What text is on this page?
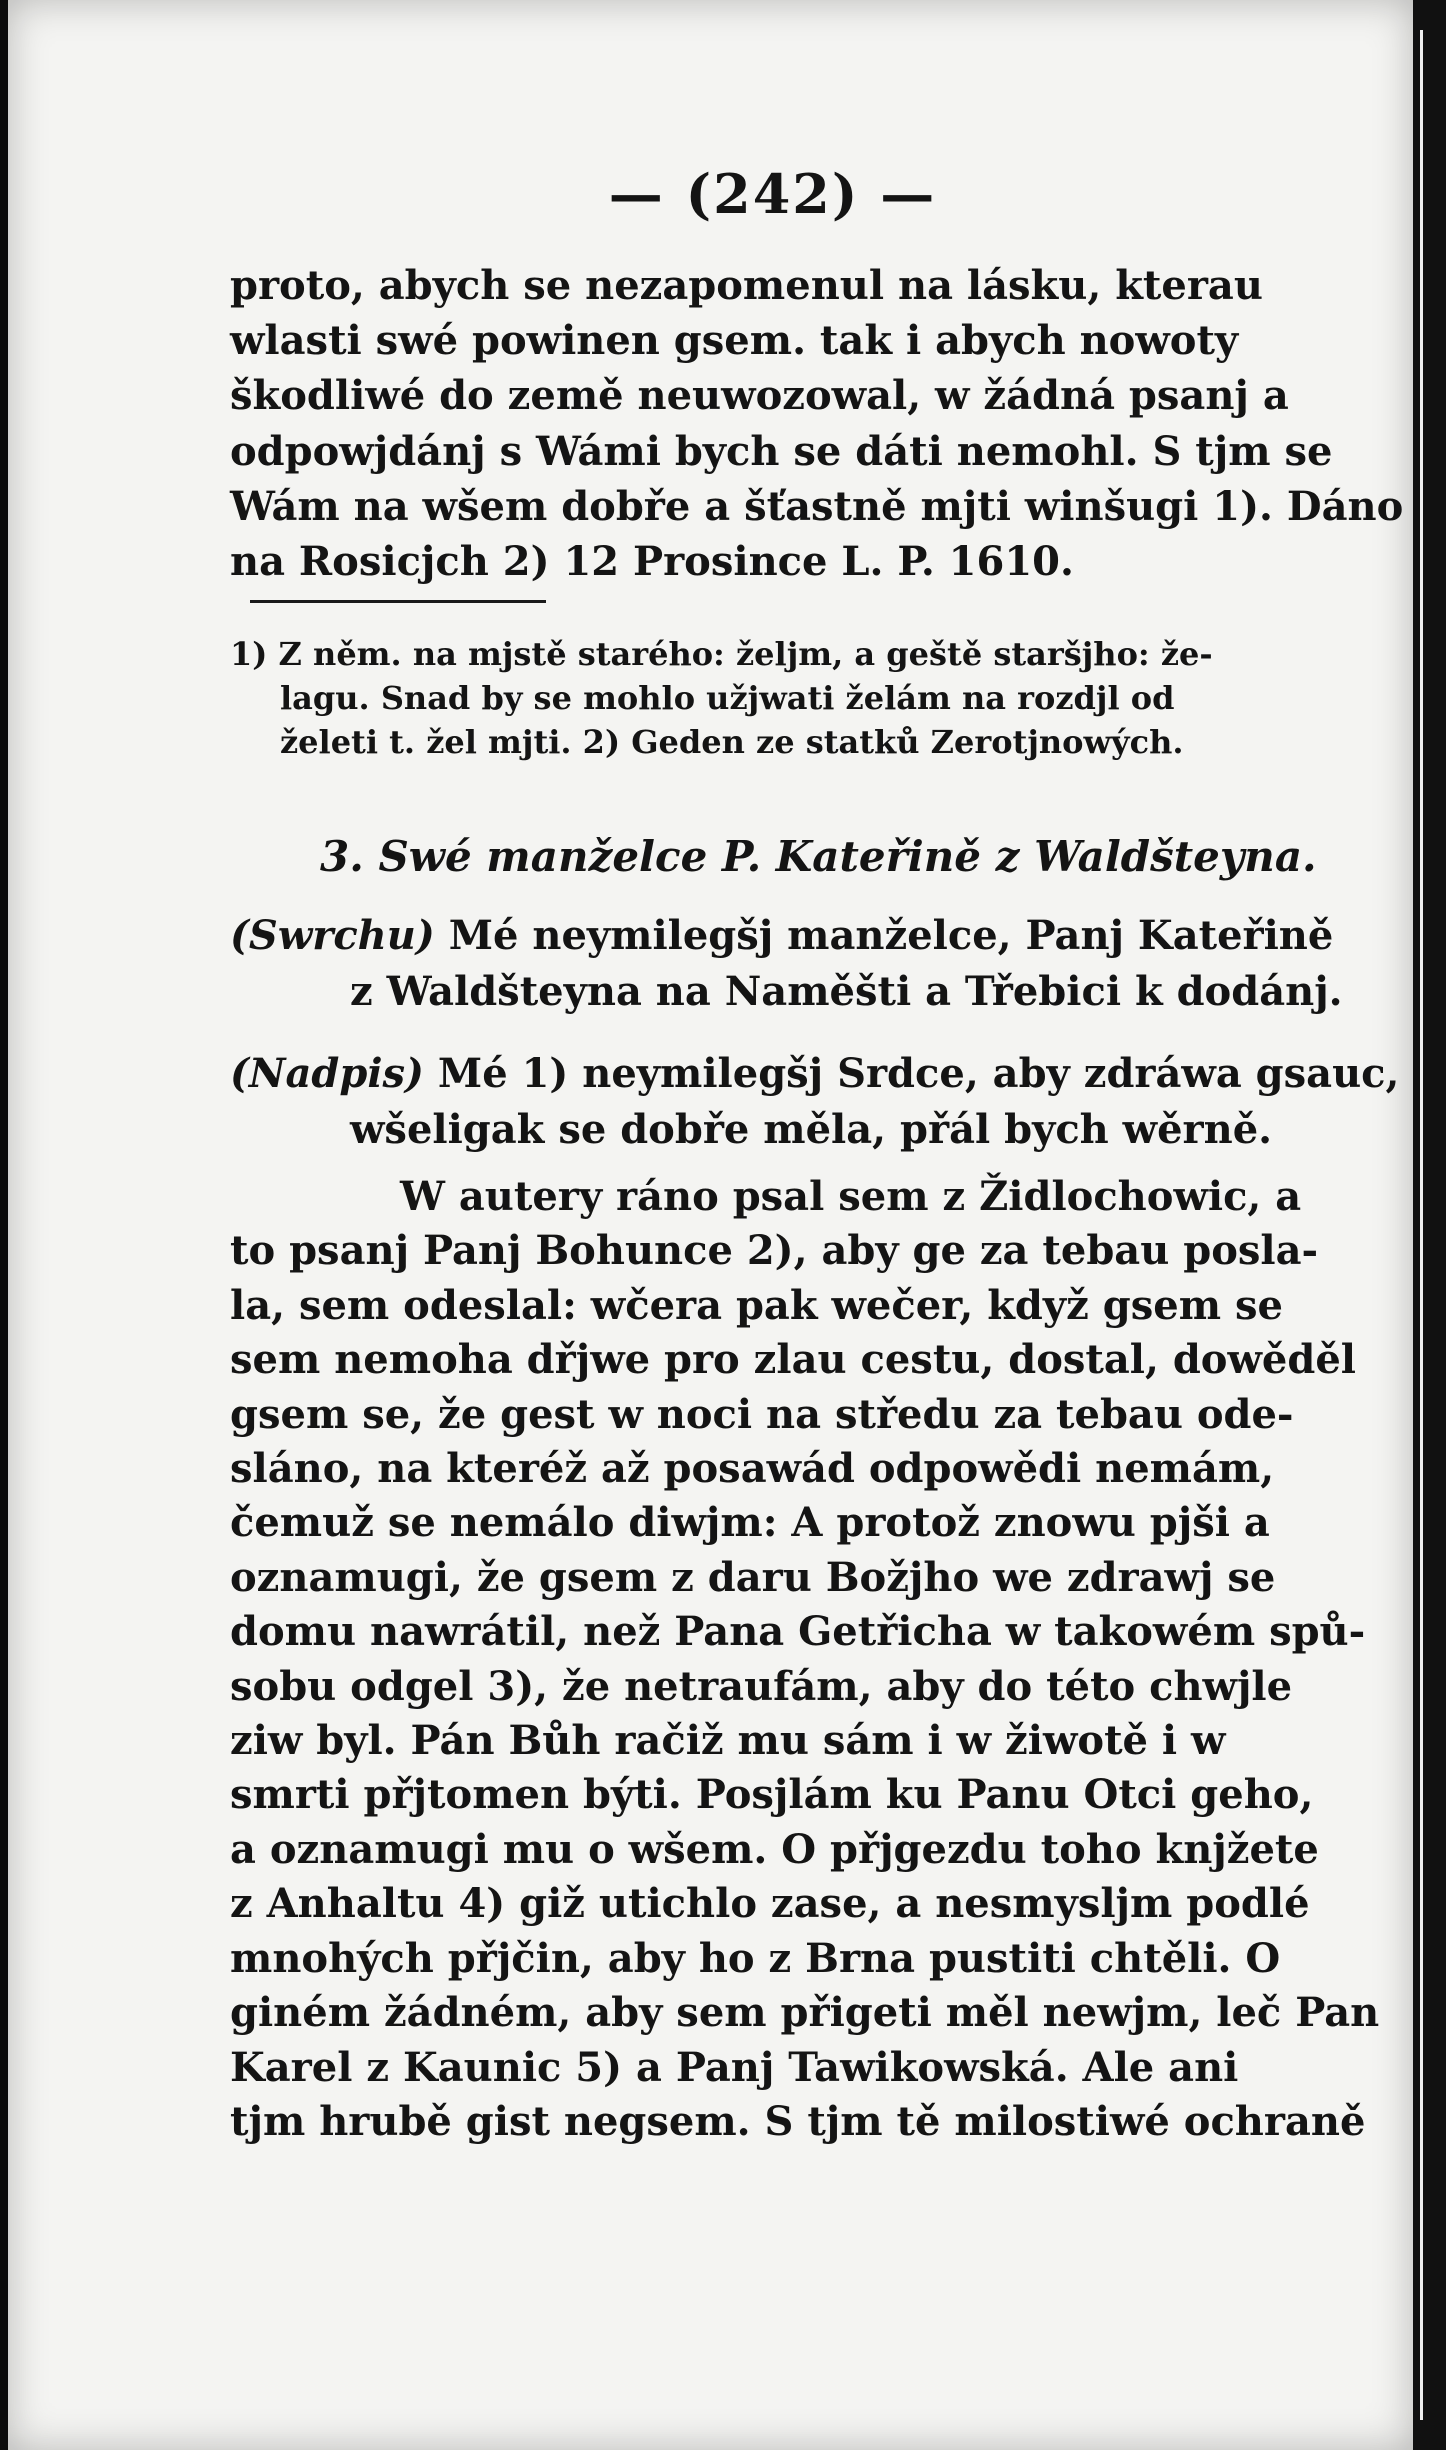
— (242) —
proto, abych se nezapomenul na lásku, kterau
wlasti swé powinen gsem. tak i abych nowoty
škodliwé do země neuwozowal, w žádná psanj a
odpowjdánj s Wámi bych se dáti nemohl. S tjm se
Wám na wšem dobře a šťastně mjti winšugi 1). Dáno
na Rosicjch 2) 12 Prosince L. P. 1610.
1) Z něm. na mjstě starého: željm, a geště staršjho: že-
lagu. Snad by se mohlo užjwati želám na rozdjl od
želeti t. žel mjti. 2) Geden ze statků Zerotjnowých.
3. Swé manželce P. Kateřině z Waldšteyna.
(Swrchu) Mé neymilegšj manželce, Panj Kateřině
z Waldšteyna na Naměšti a Třebici k dodánj.
(Nadpis) Mé 1) neymilegšj Srdce, aby zdráwa gsauc,
wšeligak se dobře měla, přál bych wěrně.
W autery ráno psal sem z Židlochowic, a
to psanj Panj Bohunce 2), aby ge za tebau posla-
la, sem odeslal: wčera pak wečer, když gsem se
sem nemoha dřjwe pro zlau cestu, dostal, dowěděl
gsem se, že gest w noci na středu za tebau ode-
sláno, na kteréž až posawád odpowědi nemám,
čemuž se nemálo diwjm: A protož znowu pjši a
oznamugi, že gsem z daru Božjho we zdrawj se
domu nawrátil, než Pana Getřicha w takowém spů-
sobu odgel 3), že netraufám, aby do této chwjle
ziw byl. Pán Bůh račiž mu sám i w žiwotě i w
smrti přjtomen býti. Posjlám ku Panu Otci geho,
a oznamugi mu o wšem. O přjgezdu toho knjžete
z Anhaltu 4) giž utichlo zase, a nesmysljm podlé
mnohých přjčin, aby ho z Brna pustiti chtěli. O
giném žádném, aby sem přigeti měl newjm, leč Pan
Karel z Kaunic 5) a Panj Tawikowská. Ale ani
tjm hrubě gist negsem. S tjm tě milostiwé ochraně
